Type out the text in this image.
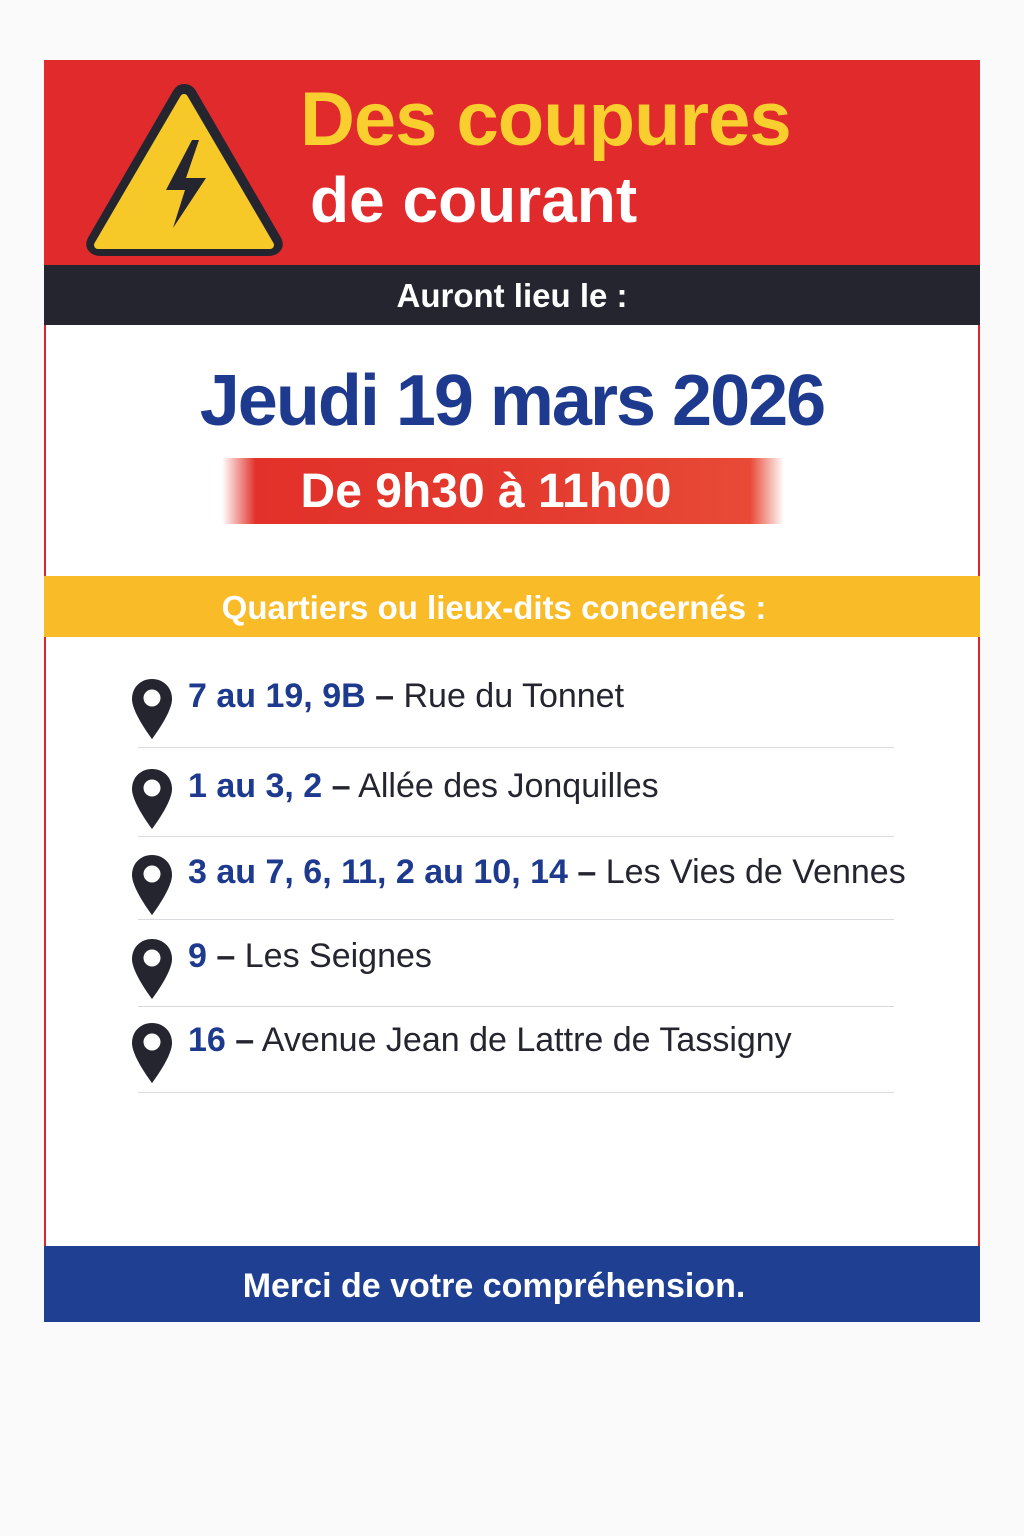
Des coupures
de courant
Auront lieu le :
Jeudi 19 mars 2026
De 9h30 à 11h00
Quartiers ou lieux-dits concernés :
7 au 19, 9B – Rue du Tonnet
1 au 3, 2 – Allée des Jonquilles
3 au 7, 6, 11, 2 au 10, 14 – Les Vies de Vennes
9 – Les Seignes
16 – Avenue Jean de Lattre de Tassigny
Merci de votre compréhension.
